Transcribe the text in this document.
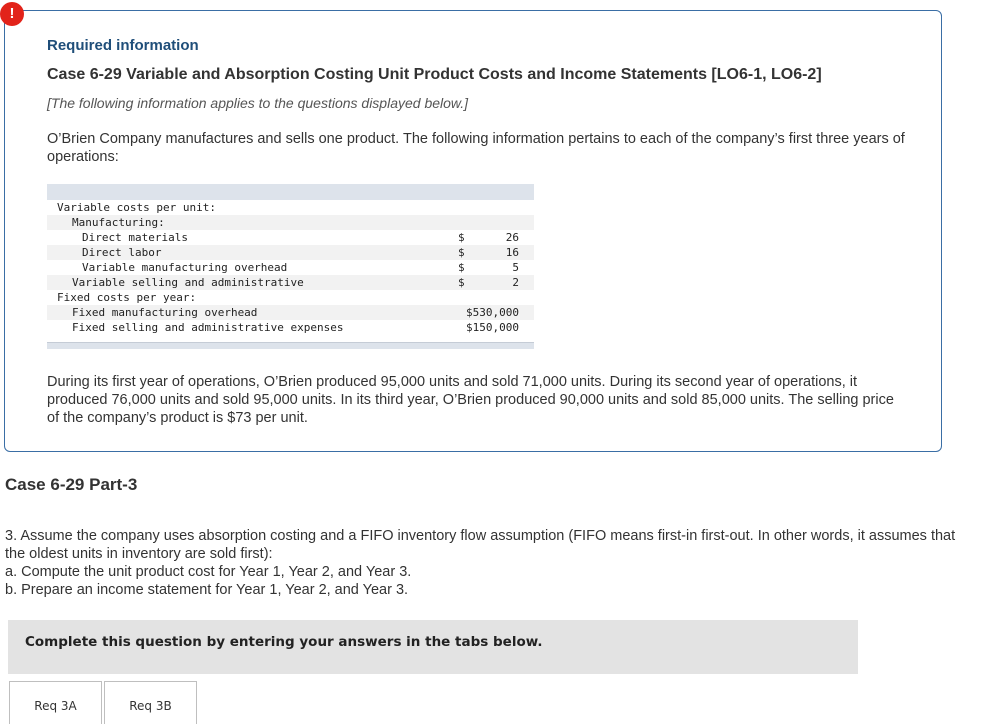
!
Required information
Case 6-29 Variable and Absorption Costing Unit Product Costs and Income Statements [LO6-1, LO6-2]
[The following information applies to the questions displayed below.]
O’Brien Company manufactures and sells one product. The following information pertains to each of the company’s first three years of operations:
Variable costs per unit:
Manufacturing:
Direct materials	$	26
Direct labor	$	16
Variable manufacturing overhead	$	5
Variable selling and administrative	$	2
Fixed costs per year:
Fixed manufacturing overhead	$530,000
Fixed selling and administrative expenses	$150,000
During its first year of operations, O’Brien produced 95,000 units and sold 71,000 units. During its second year of operations, it produced 76,000 units and sold 95,000 units. In its third year, O’Brien produced 90,000 units and sold 85,000 units. The selling price of the company’s product is $73 per unit.
Case 6-29 Part-3
3. Assume the company uses absorption costing and a FIFO inventory flow assumption (FIFO means first-in first-out. In other words, it assumes that the oldest units in inventory are sold first):
a. Compute the unit product cost for Year 1, Year 2, and Year 3.
b. Prepare an income statement for Year 1, Year 2, and Year 3.
Complete this question by entering your answers in the tabs below.
Req 3A	Req 3B
